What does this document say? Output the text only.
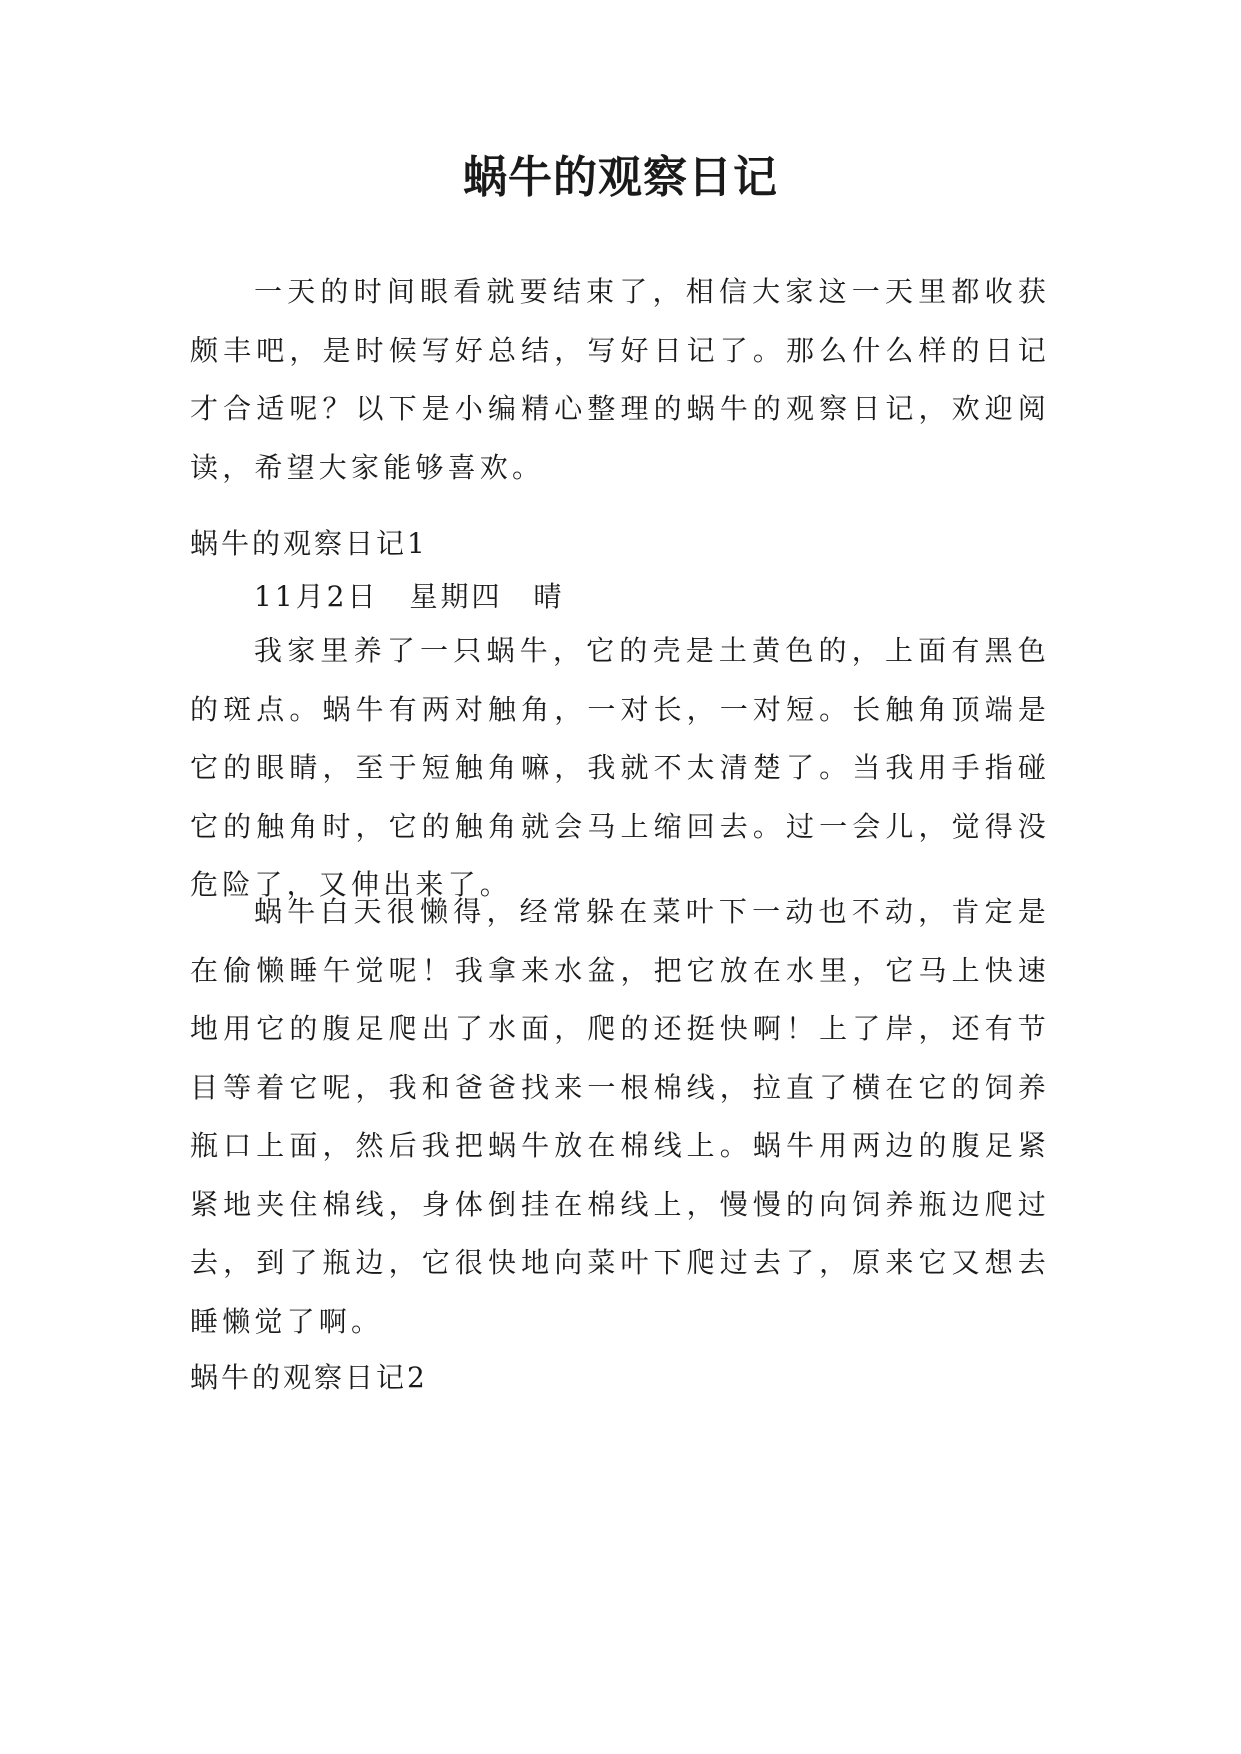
蜗牛的观察日记

一天的时间眼看就要结束了，相信大家这一天里都收获颇丰吧，是时候写好总结，写好日记了。那么什么样的日记才合适呢？以下是小编精心整理的蜗牛的观察日记，欢迎阅读，希望大家能够喜欢。

蜗牛的观察日记1
11月2日　星期四　晴

我家里养了一只蜗牛，它的壳是土黄色的，上面有黑色的斑点。蜗牛有两对触角，一对长，一对短。长触角顶端是它的眼睛，至于短触角嘛，我就不太清楚了。当我用手指碰它的触角时，它的触角就会马上缩回去。过一会儿，觉得没危险了，又伸出来了。

蜗牛白天很懒得，经常躲在菜叶下一动也不动，肯定是在偷懒睡午觉呢！我拿来水盆，把它放在水里，它马上快速地用它的腹足爬出了水面，爬的还挺快啊！上了岸，还有节目等着它呢，我和爸爸找来一根棉线，拉直了横在它的饲养瓶口上面，然后我把蜗牛放在棉线上。蜗牛用两边的腹足紧紧地夹住棉线，身体倒挂在棉线上，慢慢的向饲养瓶边爬过去，到了瓶边，它很快地向菜叶下爬过去了，原来它又想去睡懒觉了啊。

蜗牛的观察日记2
